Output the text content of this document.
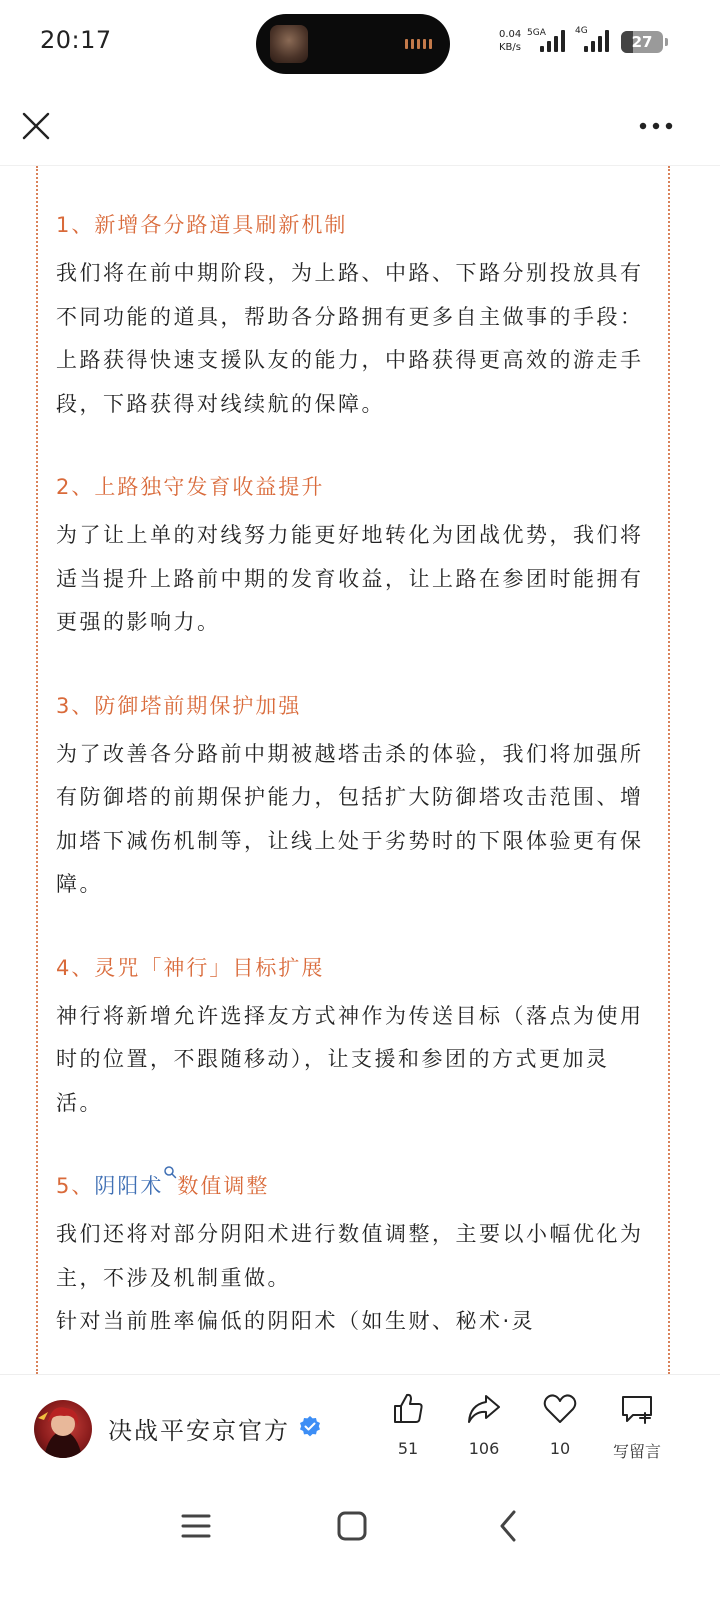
20:17	0.04
KB/s
5GA	4G
27
1、新增各分路道具刷新机制
我们将在前中期阶段，为上路、中路、下路分别投放具有不同功能的道具，帮助各分路拥有更多自主做事的手段：上路获得快速支援队友的能力，中路获得更高效的游走手段，下路获得对线续航的保障。
2、上路独守发育收益提升
为了让上单的对线努力能更好地转化为团战优势，我们将适当提升上路前中期的发育收益，让上路在参团时能拥有更强的影响力。
3、防御塔前期保护加强
为了改善各分路前中期被越塔击杀的体验，我们将加强所有防御塔的前期保护能力，包括扩大防御塔攻击范围、增加塔下减伤机制等，让线上处于劣势时的下限体验更有保障。
4、灵咒「神行」目标扩展
神行将新增允许选择友方式神作为传送目标（落点为使用时的位置，不跟随移动），让支援和参团的方式更加灵活。
5、阴阳术 数值调整

我们还将对部分阴阳术进行数值调整，主要以小幅优化为主，不涉及机制重做。

针对当前胜率偏低的阴阳术（如生财、秘术·灵

决战平安京官方
51	106	10	写留言
